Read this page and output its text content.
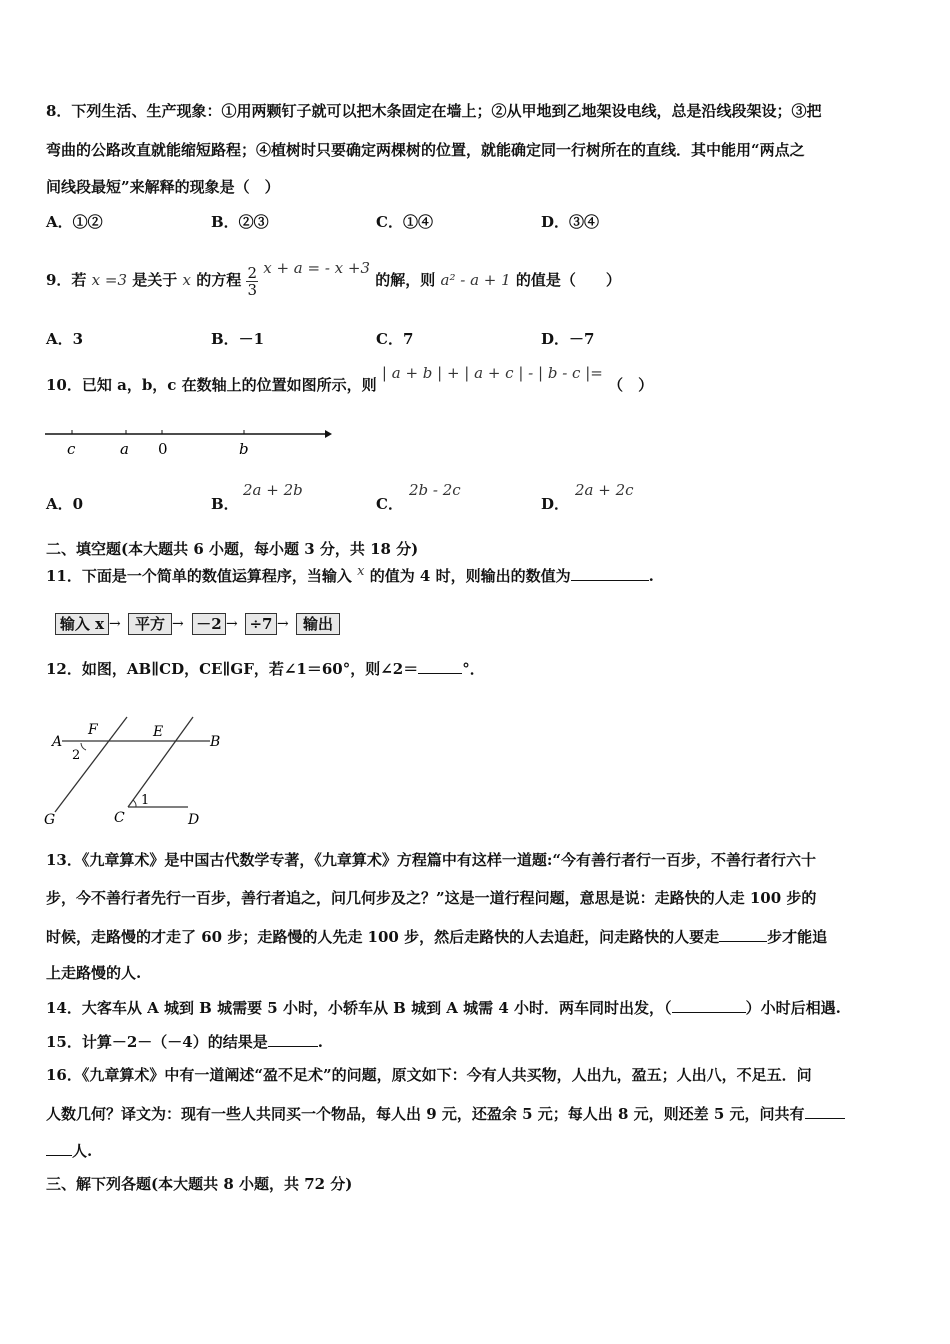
8．下列生活、生产现象：①用两颗钉子就可以把木条固定在墙上；②从甲地到乙地架设电线，总是沿线段架设；③把
弯曲的公路改直就能缩短路程；④植树时只要确定两棵树的位置，就能确定同一行树所在的直线．其中能用“两点之
间线段最短”来解释的现象是（　）
A．①②	B．②③	C．①④	D．③④
9．若 x =3 是关于 x 的方程 $\frac{2}{3}$ x + a = - x +3 的解，则 a² - a + 1 的值是（　　）
A．3	B．－1	C．7	D．－7
10．已知 a，b，c 在数轴上的位置如图所示，则 | a + b | + | a + c | - | b - c |= （　）
c	a 0	b
A．0	B．
2a + 2b
C．
2b - 2c
D．
2a + 2c
二、填空题(本大题共 6 小题，每小题 3 分，共 18 分)
11．下面是一个简单的数值运算程序，当输入 x 的值为 4 时，则输出的数值为	.
输入 x → 平方 → －2 → ÷7 → 输出
12．如图，AB∥CD，CE∥GF，若∠1＝60°，则∠2＝	°．
A
F	E
B
2
G	C
1
D
13．《九章算术》是中国古代数学专著，《九章算术》方程篇中有这样一道题:“今有善行者行一百步，不善行者行六十
步，今不善行者先行一百步，善行者追之，问几何步及之？”这是一道行程问题，意思是说：走路快的人走 100 步的
时候，走路慢的才走了 60 步；走路慢的人先走 100 步，然后走路快的人去追赶，问走路快的人要走	步才能追
上走路慢的人.
14．大客车从 A 城到 B 城需要 5 小时，小轿车从 B 城到 A 城需 4 小时．两车同时出发，（	）小时后相遇.
15．计算－2－（－4）的结果是	.
16．《九章算术》中有一道阐述“盈不足术”的问题，原文如下：今有人共买物，人出九，盈五；人出八，不足五．问
人数几何？译文为：现有一些人共同买一个物品，每人出 9 元，还盈余 5 元；每人出 8 元，则还差 5 元，问共有
人.
三、解下列各题(本大题共 8 小题，共 72 分)
